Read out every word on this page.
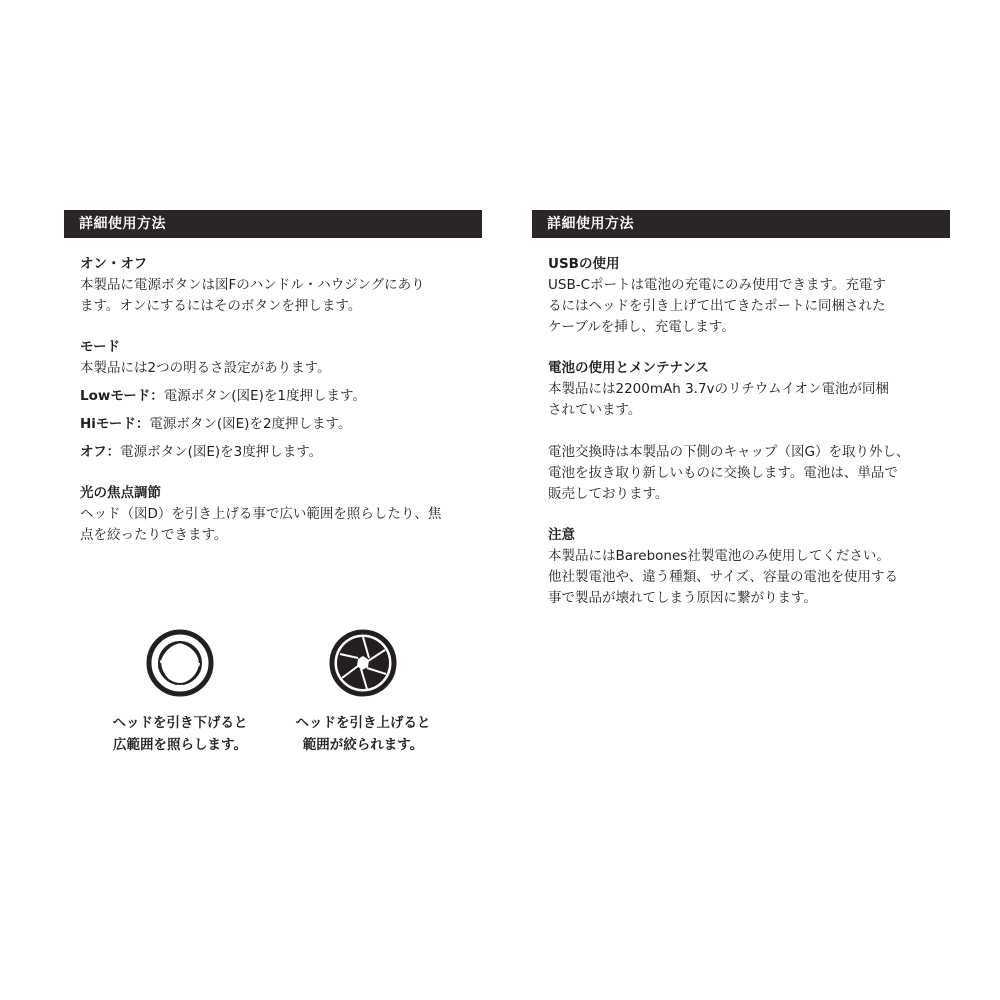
詳細使用方法
オン・オフ

本製品に電源ボタンは図Fのハンドル・ハウジングにあり
ます。オンにするにはそのボタンを押します。

モード

本製品には2つの明るさ設定があります。

Lowモード：電源ボタン(図E)を1度押します。
Hiモード：電源ボタン(図E)を2度押します。
オフ：電源ボタン(図E)を3度押します。
光の焦点調節

ヘッド（図D）を引き上げる事で広い範囲を照らしたり、焦
点を絞ったりできます。

ヘッドを引き下げると
広範囲を照らします。
ヘッドを引き上げると
範囲が絞られます。
詳細使用方法
USBの使用

USB-Cポートは電池の充電にのみ使用できます。充電す
るにはヘッドを引き上げて出てきたポートに同梱された
ケーブルを挿し、充電します。

電池の使用とメンテナンス

本製品には2200mAh 3.7vのリチウムイオン電池が同梱
されています。

電池交換時は本製品の下側のキャップ（図G）を取り外し、
電池を抜き取り新しいものに交換します。電池は、単品で
販売しております。

注意

本製品にはBarebones社製電池のみ使用してください。
他社製電池や、違う種類、サイズ、容量の電池を使用する
事で製品が壊れてしまう原因に繋がります。
